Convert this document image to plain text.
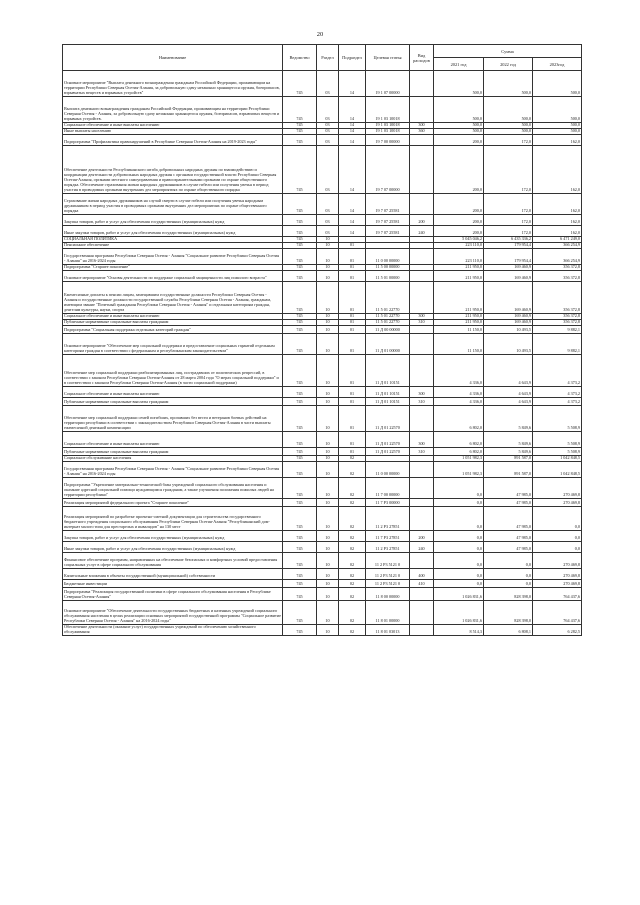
20
Наименование	Ведомство	Раздел	Подраздел	Целевая статья	Вид расходов	Сумма		
						2021 год	2022 год	2023год
Основное мероприятие "Выплата денежного вознаграждения гражданам Российской Федерации, проживающим на территории Республики Северная Осетия-Алания, за добровольную сдачу незаконно хранящегося оружия, боеприпасов, взрывчатых веществ и взрывных устройств"	745	03	14	19 1 07 00000		500,0	500,0	500,0
Выплата денежного вознаграждения гражданам Российской Федерации, проживающим на территории Республики Северная Осетия - Алания, за добровольную сдачу незаконно хранящегося оружия, боеприпасов, взрывчатых веществ и взрывных устройств.	745	03	14	19 1 03 10018		500,0	500,0	500,0
Социальное обеспечение и иные выплаты населению	745	03	14	19 1 03 10018	300	500,0	500,0	500,0
Иные выплаты населению	745	03	14	19 1 03 10018	360	500,0	500,0	500,0
Подпрограмма "Профилактика правонарушений в Республике Северная Осетия-Алания на 2019-2023 годы"	745	03	14	19 7 00 00000		200,0	172,0	162,0
Обеспечение деятельности Республиканского штаба добровольных народных дружин по взаимодействию и координации деятельности добровольных народных дружин с органами государственной власти Республики Северная Осетия-Алания, органами местного самоуправления и правоохранительными органами по охране общественного порядка. Обеспечение страхования жизни народных дружинников в случае гибели или получения увечья в период участия в проводимых органами внутренних дел мероприятиях по охране общественного порядка	745	03	14	19 7 07 00000		200,0	172,0	162,0
Страхование жизни народных дружинников на случай смерти в случае гибели или получения увечья народным дружинником в период участия в проводимых органами внутренних дел мероприятиях по охране общественного порядка	745	03	14	19 7 07 25581		200,0	172,0	162,0
Закупка товаров, работ и услуг для обеспечения государственных (муниципальных) нужд	745	03	14	19 7 07 25581	200	200,0	172,0	162,0
Иные закупки товаров, работ и услуг для обеспечения государственных (муниципальных) нужд	745	03	14	19 7 07 25581	240	200,0	172,0	162,0
СОЦИАЛЬНАЯ ПОЛИТИКА	745	10				5 045 046,2	6 435 336,2	6 471 249,0
Пенсионное обеспечение	745	10	01			223 110,0	179 954,4	366 254,9
Государственная программа Республики Северная Осетия - Алания "Социальное развитие Республики Северная Осетия - Алания" на 2016-2024 годы	745	10	01	11 0 00 00000		223 110,0	179 954,4	366 254,9
Подпрограмма "Старшее поколение"	745	10	01	11 5 00 00000		211 950,0	169 460,9	356 372,8
Основное мероприятие "Основы деятельности по поддержке социальной защищенности лиц пожилого возраста"	745	10	01	11 5 01 00000		211 950,0	169 460,9	356 372,8
Ежемесячные доплаты к пенсии лицам, замещавшим государственные должности Республики Северная Осетия - Алания и государственные должности государственной службы Республики Северная Осетия - Алания, гражданам, имеющим звание "Почетный гражданин Республики Северная Осетия - Алания" и отдельным категориям граждан, деятелям культуры, науки, спорта	745	10	01	11 5 01 22770		211 950,0	169 460,9	356 372,8
Социальное обеспечение и иные выплаты населению	745	10	01	11 5 01 22770	300	211 950,0	169 460,9	356 372,8
Публичные нормативные социальные выплаты гражданам	745	10	01	11 5 01 22770	310	211 950,0	169 460,9	356 372,8
Подпрограмма "Социальная поддержка отдельных категорий граждан"	745	10	01	11 Д 00 00000		11 150,0	10 493,5	9 882,1
Основное мероприятие "Обеспечение мер социальной поддержки и предоставление социальных гарантий отдельным категориям граждан в соответствии с федеральным и республиканским законодательством"	745	10	01	11 Д 01 00000		11 150,0	10 493,5	9 882,1
Обеспечение мер социальной поддержки реабилитированных лиц, пострадавших от политических репрессий, в соответствии с законом Республики Северная Осетия-Алания от 28 марта 2004 года "О мерах социальной поддержки" и в соответствии с законом Республики Северная Осетия-Алания (в части социальной поддержки)	745	10	01	11 Д 01 10151		4 336,0	4 643,9	4 373,2
Социальное обеспечение и иные выплаты населению	745	10	01	11 Д 01 10151	300	4 336,0	4 643,9	4 373,2
Публичные нормативные социальные выплаты гражданам	745	10	01	11 Д 01 10151	310	4 336,0	4 643,9	4 373,2
Обеспечение мер социальной поддержки семей погибших, пропавших без вести и ветеранов боевых действий на территории республики в соответствии с законодательством Республики Северная Осетия-Алания в части выплаты ежемесячной денежной компенсации	745	10	01	11 Д 01 22570		6 802,0	5 849,6	5 508,9
Социальное обеспечение и иные выплаты населению	745	10	01	11 Д 01 22570	300	6 802,0	5 849,6	5 508,9
Публичные нормативные социальные выплаты гражданам	745	10	01	11 Д 01 22570	310	6 802,0	5 849,6	5 508,9
Социальное обслуживание населения	745	10	02			1 051 982,3	891 587,0	1 042 848,5
Государственная программа Республики Северная Осетия - Алания "Социальное развитие Республики Северная Осетия - Алания" на 2016-2024 годы	745	10	02	11 0 00 00000		1 051 982,3	891 587,0	1 042 848,5
Подпрограмма "Укрепление материально-технической базы учреждений социального обслуживания населения и оказание адресной социальной помощи нуждающимся гражданам, а также улучшения положения пожилых людей на территории республики"	745	10	02	11 7 00 00000		0,0	47 985,0	270 469,8
Реализация мероприятий федерального проекта "Старшее поколение"	745	10	02	11 7 Р3 00000		0,0	47 985,0	270 469,8
Реализация мероприятий по разработке проектно-сметной документации для строительства государственного бюджетного учреждения социального обслуживания Республики Северная Осетия-Алания "Республиканский дом-интернат малого типа для престарелых и инвалидов" на 130 мест	745	10	02	11 2 Р3 27851		0,0	47 985,0	0,0
Закупка товаров, работ и услуг для обеспечения государственных (муниципальных) нужд	745	10	02	11 7 Р3 27851	200	0,0	47 985,0	0,0
Иные закупки товаров, работ и услуг для обеспечения государственных (муниципальных) нужд	745	10	02	11 2 Р3 27851	240	0,0	47 985,0	0,0
Финансовое обеспечение программ, направленных на обеспечение безопасных и комфортных условий предоставления социальных услуг в сфере социального обслуживания	745	10	02	11 2 Р3 5121 0		0,0	0,0	270 469,8
Капитальные вложения в объекты государственной (муниципальной) собственности	745	10	02	11 2 Р3 5121 0	400	0,0	0,0	270 469,8
Бюджетные инвестиции	745	10	02	11 2 Р3 5121 0	410	0,0	0,0	270 469,8
Подпрограмма "Реализация государственной политики в сфере социального обслуживания населения в Республике Северная Осетия-Алания"	745	10	02	11 8 00 00000		1 026 831,6	828 398,0	764 437,6
Основное мероприятие "Обеспечение деятельности государственных бюджетных и казенных учреждений социального обслуживания населения в целях реализации основных мероприятий государственной программы "Социальное развитие Республики Северная Осетия - Алания" на 2016-2024 годы"	745	10	02	11 8 01 00000		1 026 831,6	828 398,0	764 437,6
Обеспечение деятельности (оказание услуг) государственных учреждений по обеспечению хозяйственного обслуживания	745	10	02	11 8 01 03013		8 514,3	6 808,1	6 282,5
